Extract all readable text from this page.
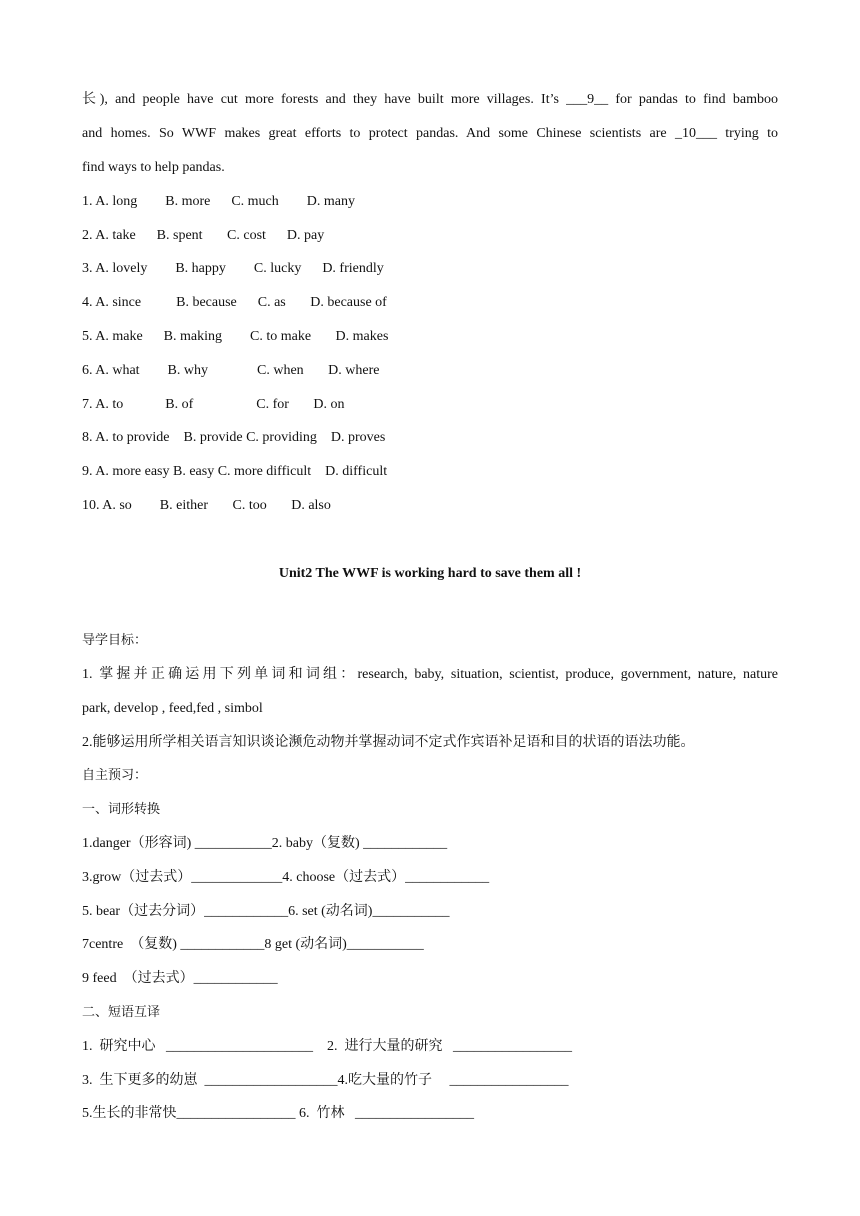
长), and people have cut more forests and they have built more villages. It’s ___9__ for pandas to find bamboo
and homes. So WWF makes great efforts to protect pandas. And some Chinese scientists are _10___ trying to
find ways to help pandas.
1. A. long        B. more      C. much        D. many
2. A. take      B. spent       C. cost      D. pay
3. A. lovely        B. happy        C. lucky      D. friendly
4. A. since          B. because      C. as       D. because of
5. A. make      B. making        C. to make       D. makes
6. A. what        B. why              C. when       D. where
7. A. to            B. of                  C. for       D. on
8. A. to provide    B. provide C. providing    D. proves
9. A. more easy B. easy C. more difficult    D. difficult
10. A. so        B. either       C. too       D. also
Unit2 The WWF is working hard to save them all !
导学目标：
1. 掌握并正确运用下列单词和词组：research, baby, situation, scientist, produce, government, nature, nature
park, develop , feed,fed , simbol
2.能够运用所学相关语言知识谈论濒危动物并掌握动词不定式作宾语补足语和目的状语的语法功能。
自主预习：
一、词形转换
1.danger（形容词) ___________2. baby（复数) ____________
3.grow（过去式）_____________4. choose（过去式）____________
5. bear（过去分词）____________6. set (动名词)___________
7centre  （复数) ____________8 get (动名词)___________
9 feed  （过去式）____________
二、短语互译
1.  研究中心   _____________________    2.  进行大量的研究   _________________
3.  生下更多的幼崽  ___________________4.吃大量的竹子     _________________
5.生长的非常快_________________ 6.  竹林   _________________
